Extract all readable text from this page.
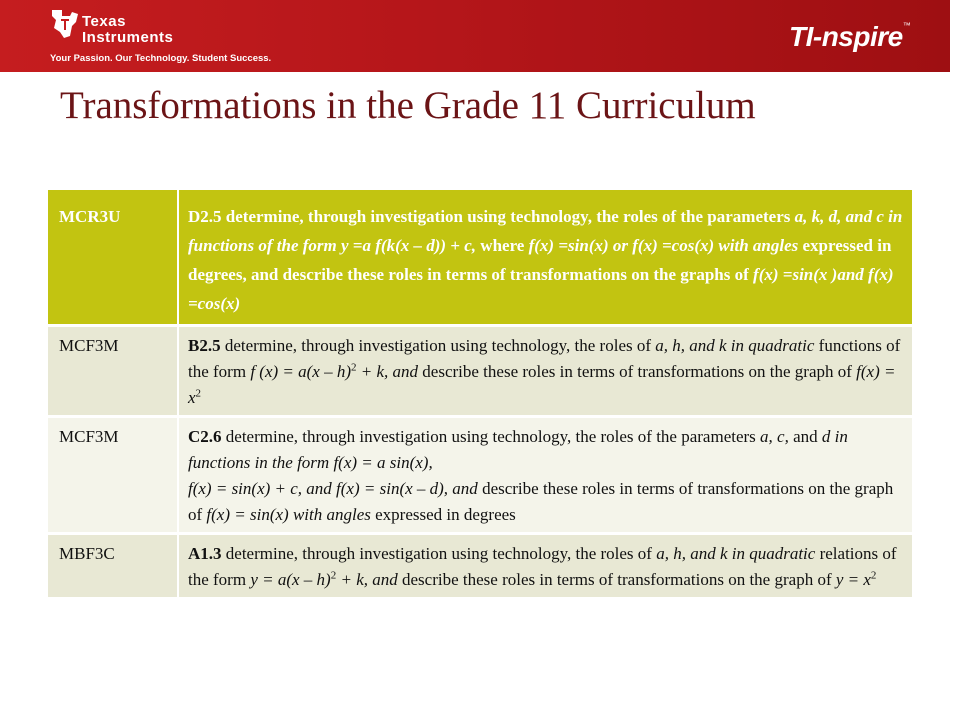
Texas
Instruments
Your Passion. Our Technology. Student Success.
TI-nspire™
Transformations in the Grade 11 Curriculum
MCR3U	D2.5 determine, through investigation using technology, the roles of the parameters a, k, d, and c in functions of the form y =a f(k(x – d)) + c, where f(x) =sin(x) or f(x) =cos(x) with angles expressed in degrees, and describe these roles in terms of transformations on the graphs of f(x) =sin(x )and f(x) =cos(x)
MCF3M	B2.5 determine, through investigation using technology, the roles of a, h, and k in quadratic functions of the form f (x) = a(x – h)$^2$ + k, and describe these roles in terms of transformations on the graph of $f(x) = x^2$
MCF3M	C2.6 determine, through investigation using technology, the roles of the parameters a, c, and d in functions in the form f(x) = a sin(x),
f(x) = sin(x) + c, and f(x) = sin(x – d), and describe these roles in terms of transformations on the graph of f(x) = sin(x) with angles expressed in degrees
MBF3C	A1.3 determine, through investigation using technology, the roles of a, h, and k in quadratic relations of the form y = a(x – h)$^2$ + k, and describe these roles in terms of transformations on the graph of $y = x^2$
